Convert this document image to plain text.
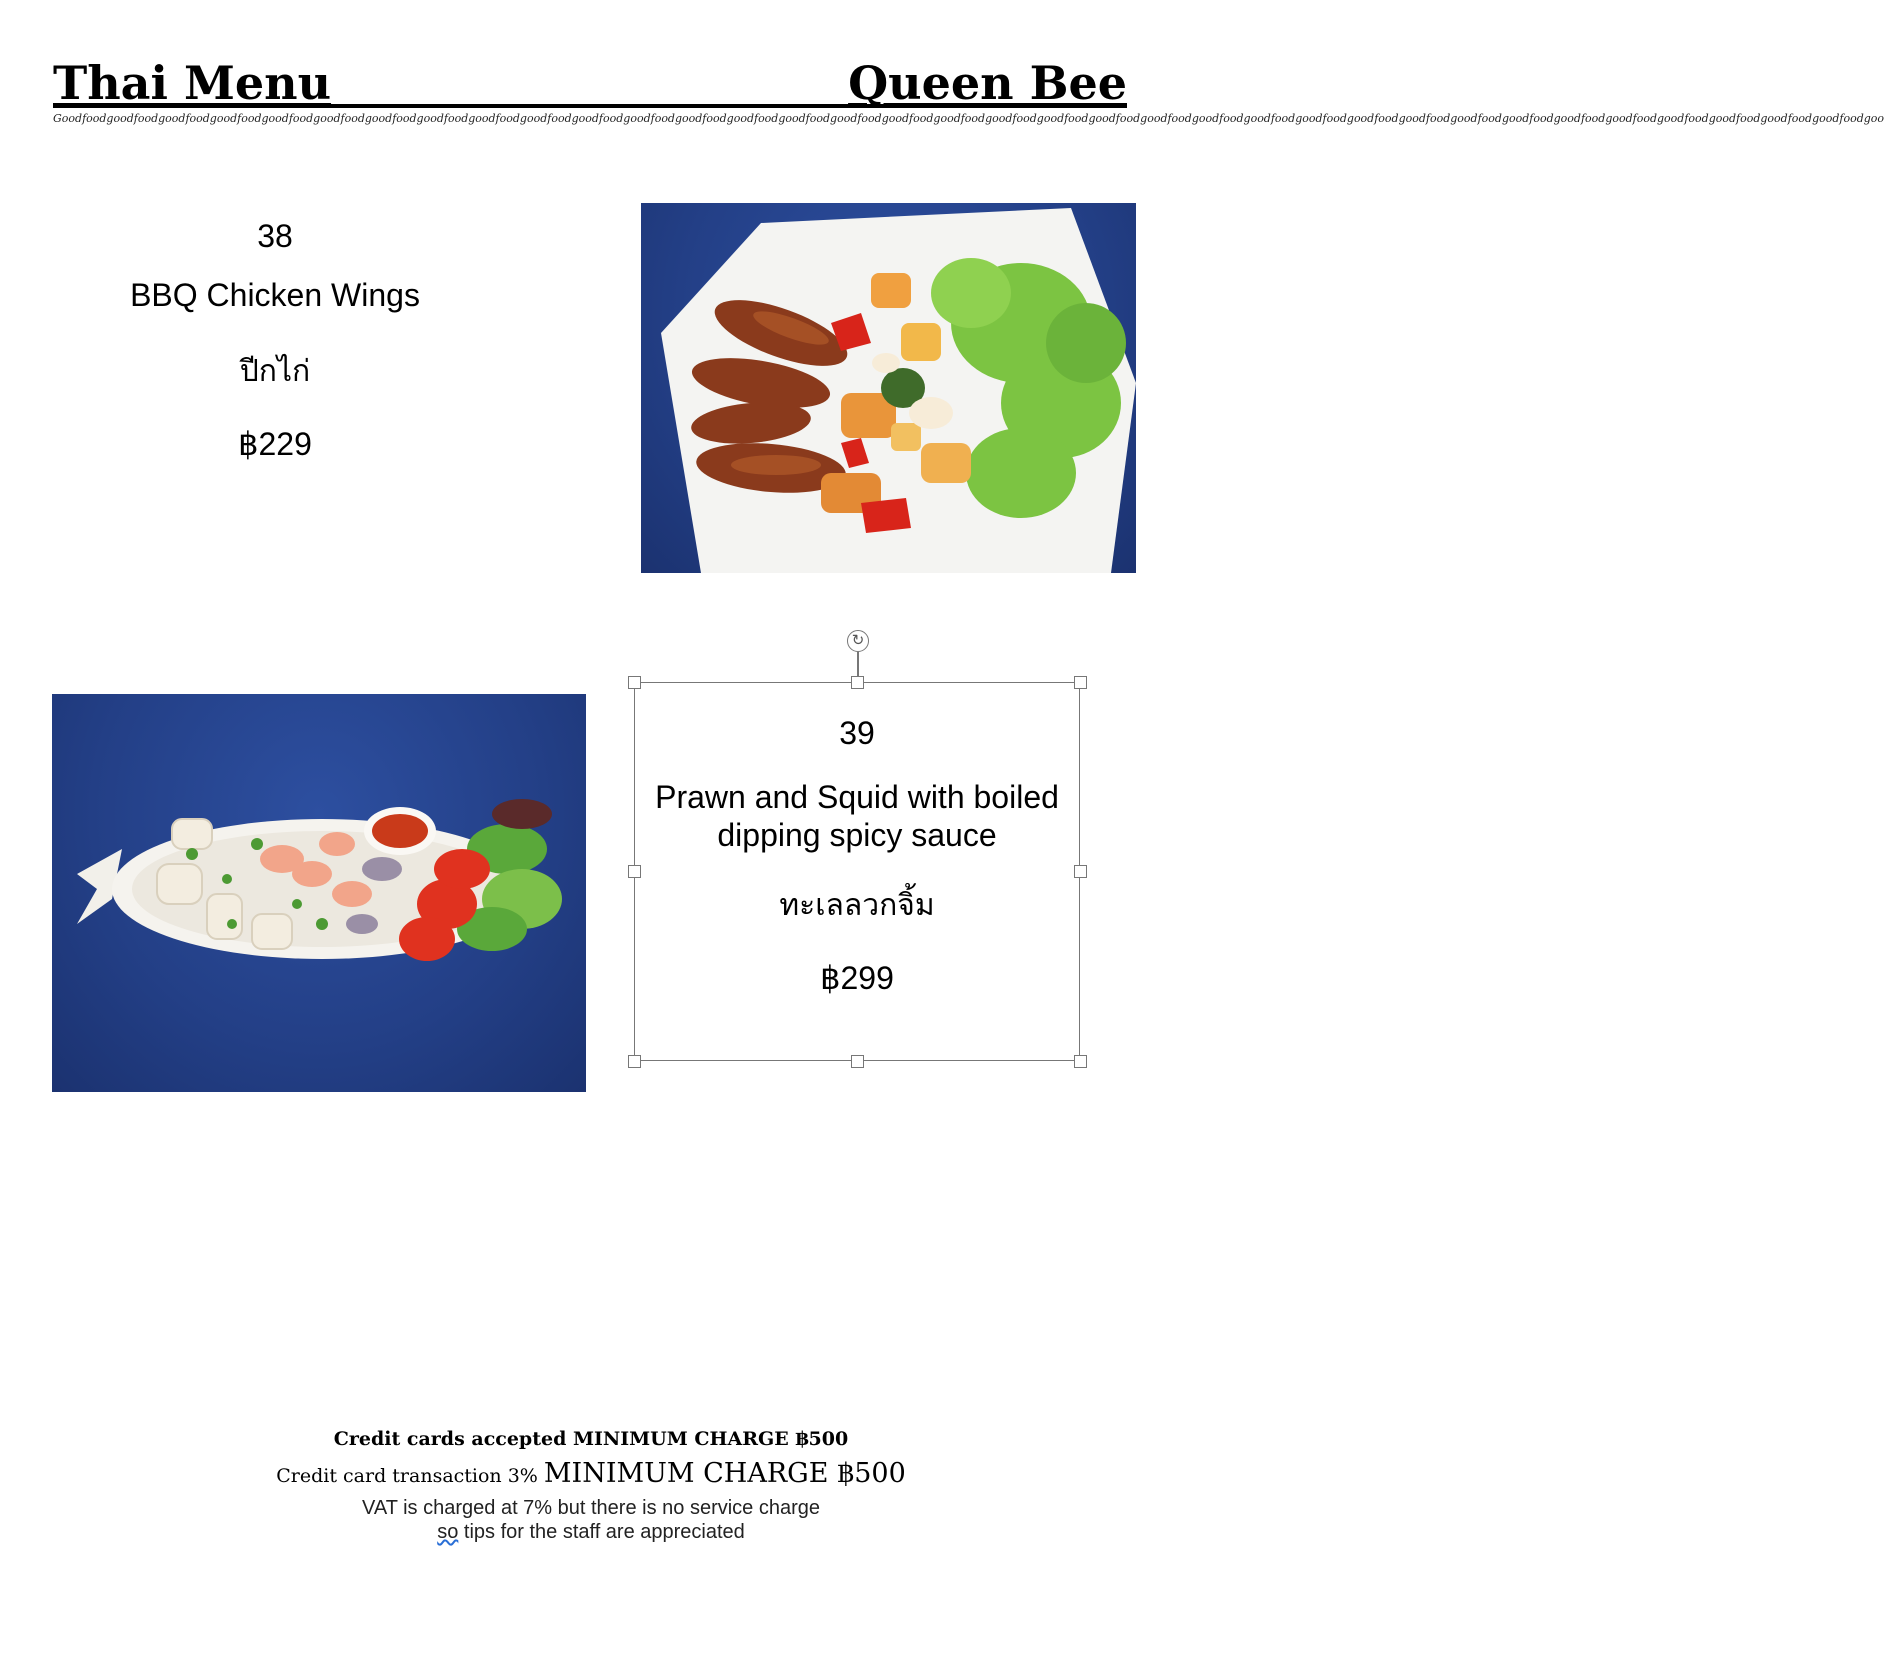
Thai Menu	Queen Bee
Goodfoodgoodfoodgoodfoodgoodfoodgoodfoodgoodfoodgoodfoodgoodfoodgoodfoodgoodfoodgoodfoodgoodfoodgoodfoodgoodfoodgoodfoodgoodfoodgoodfoodgoodfoodgoodfoodgoodfoodgoodfoodgoodfoodgoodfoodgoodfoodgoodfoodgoodfoodgoodfoodgoodfoodgoodfoodgoodfoodgoodfoodgoodfoodgoodfoodgoodfoodgoodfoodgoo
38
BBQ Chicken Wings
ปีกไก่
฿229
↻
39
Prawn and Squid with boiled dipping spicy sauce
ทะเลลวกจิ้ม
฿299
Credit cards accepted MINIMUM CHARGE ฿500
Credit card transaction 3% MINIMUM CHARGE ฿500
VAT is charged at 7% but there is no service charge
so tips for the staff are appreciated
